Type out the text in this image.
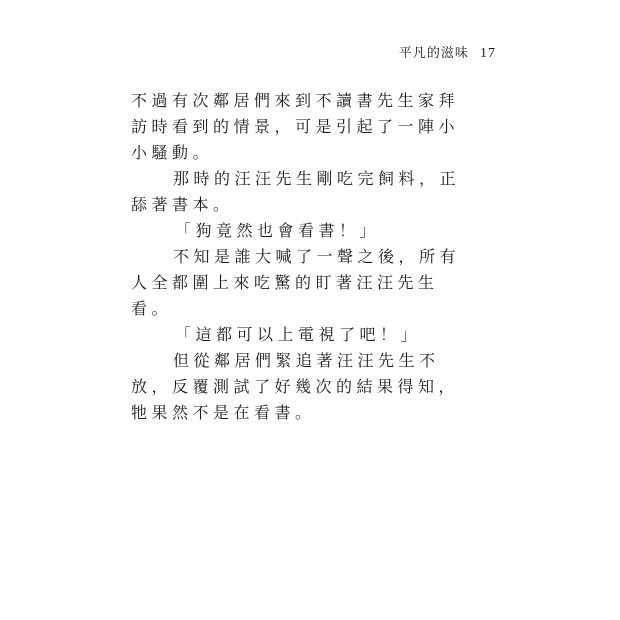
平凡的滋味 17
不過有次鄰居們來到不讀書先生家拜
訪時看到的情景，可是引起了一陣小
小騷動。
那時的汪汪先生剛吃完飼料，正
舔著書本。
「狗竟然也會看書！」
不知是誰大喊了一聲之後，所有
人全都圍上來吃驚的盯著汪汪先生
看。
「這都可以上電視了吧！」
但從鄰居們緊追著汪汪先生不
放，反覆測試了好幾次的結果得知，
牠果然不是在看書。
